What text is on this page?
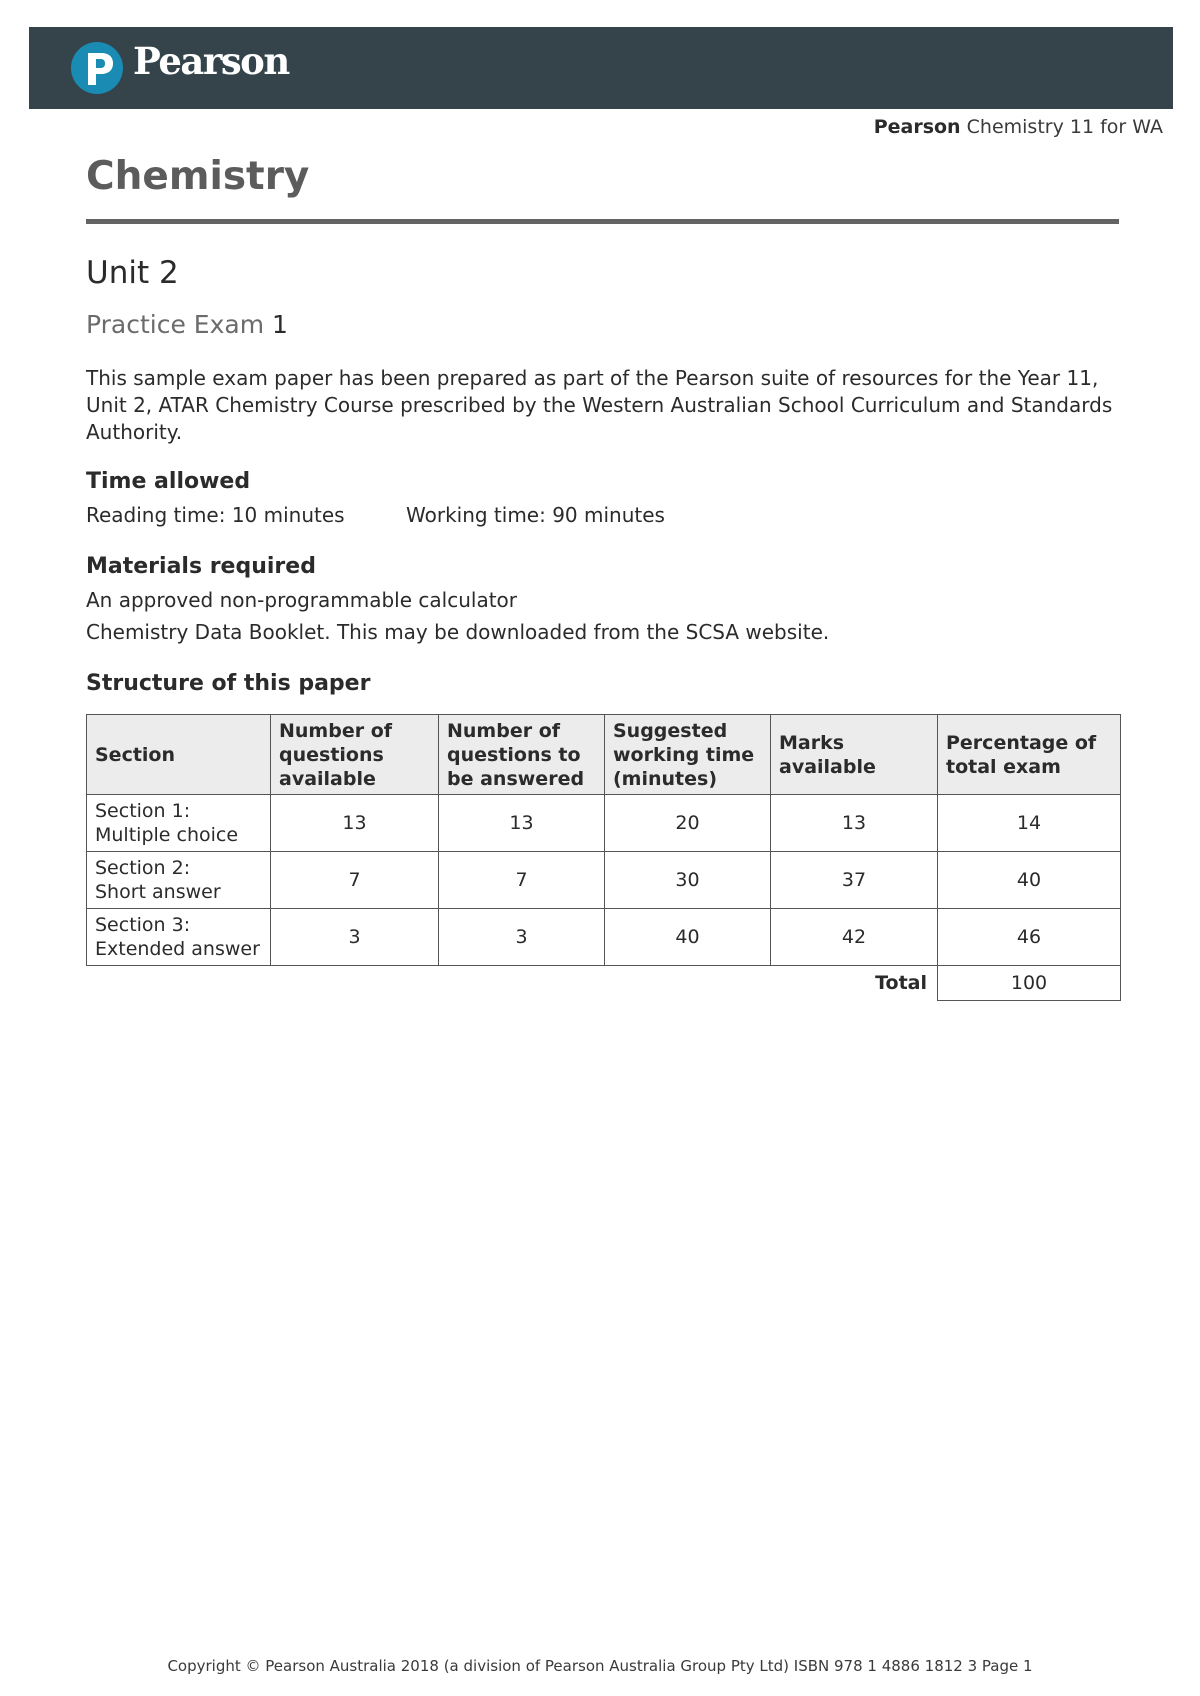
Pearson
Pearson Chemistry 11 for WA
Chemistry
Unit 2
Practice Exam 1

This sample exam paper has been prepared as part of the Pearson suite of resources for the Year 11, Unit 2, ATAR Chemistry Course prescribed by the Western Australian School Curriculum and Standards Authority.

Time allowed
Reading time: 10 minutes	Working time: 90 minutes
Materials required
An approved non-programmable calculator
Chemistry Data Booklet. This may be downloaded from the SCSA website.
Structure of this paper
Section	Number of questions available	Number of questions to be answered	Suggested working time (minutes)	Marks available	Percentage of total exam
Section 1:
Multiple choice	13	13	20	13	14
Section 2:
Short answer	7	7	30	37	40
Section 3:
Extended answer	3	3	40	42	46
Total					100
Copyright © Pearson Australia 2018 (a division of Pearson Australia Group Pty Ltd) ISBN 978 1 4886 1812 3 Page 1
